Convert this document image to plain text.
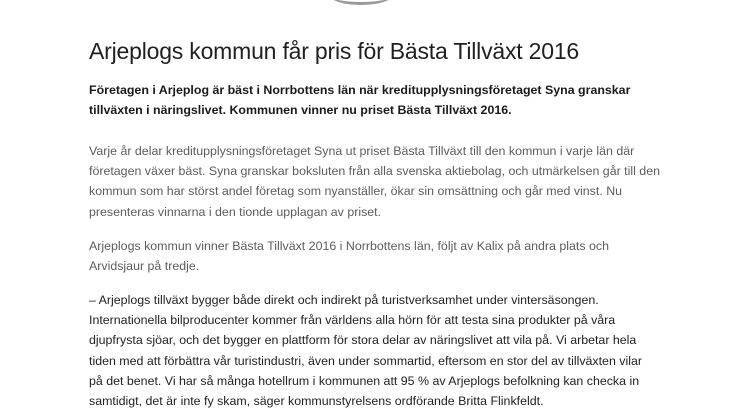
Arjeplogs kommun får pris för Bästa Tillväxt 2016

Företagen i Arjeplog är bäst i Norrbottens län när kreditupplysningsföretaget Syna granskar
tillväxten i näringslivet. Kommunen vinner nu priset Bästa Tillväxt 2016.

Varje år delar kreditupplysningsföretaget Syna ut priset Bästa Tillväxt till den kommun i varje län där
företagen växer bäst. Syna granskar boksluten från alla svenska aktiebolag, och utmärkelsen går till den
kommun som har störst andel företag som nyanställer, ökar sin omsättning och går med vinst. Nu
presenteras vinnarna i den tionde upplagan av priset.

Arjeplogs kommun vinner Bästa Tillväxt 2016 i Norrbottens län, följt av Kalix på andra plats och
Arvidsjaur på tredje.

– Arjeplogs tillväxt bygger både direkt och indirekt på turistverksamhet under vintersäsongen.
Internationella bilproducenter kommer från världens alla hörn för att testa sina produkter på våra
djupfrysta sjöar, och det bygger en plattform för stora delar av näringslivet att vila på. Vi arbetar hela
tiden med att förbättra vår turistindustri, även under sommartid, eftersom en stor del av tillväxten vilar
på det benet. Vi har så många hotellrum i kommunen att 95 % av Arjeplogs befolkning kan checka in
samtidigt, det är inte fy skam, säger kommunstyrelsens ordförande Britta Flinkfeldt.
